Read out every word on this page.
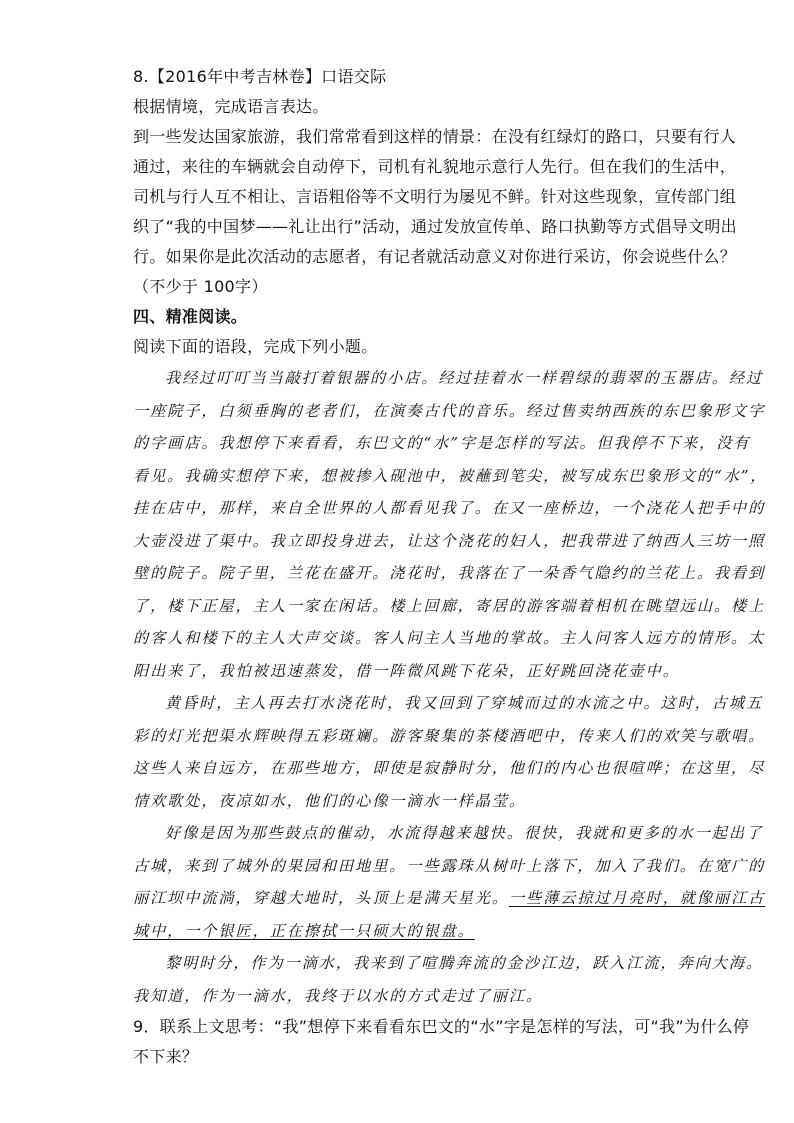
8.【2016年中考吉林卷】口语交际
根据情境，完成语言表达。
到一些发达国家旅游，我们常常看到这样的情景：在没有红绿灯的路口，只要有行人
通过，来往的车辆就会自动停下，司机有礼貌地示意行人先行。但在我们的生活中，
司机与行人互不相让、言语粗俗等不文明行为屡见不鲜。针对这些现象，宣传部门组
织了“我的中国梦——礼让出行”活动，通过发放宣传单、路口执勤等方式倡导文明出
行。如果你是此次活动的志愿者，有记者就活动意义对你进行采访，你会说些什么？
（不少于 100字）
四、精准阅读。
阅读下面的语段，完成下列小题。
我经过叮叮当当敲打着银器的小店。经过挂着水一样碧绿的翡翠的玉器店。经过
一座院子，白须垂胸的老者们，在演奏古代的音乐。经过售卖纳西族的东巴象形文字
的字画店。我想停下来看看，东巴文的“水”字是怎样的写法。但我停不下来，没有
看见。我确实想停下来，想被掺入砚池中，被蘸到笔尖，被写成东巴象形文的“水”，
挂在店中，那样，来自全世界的人都看见我了。在又一座桥边，一个浇花人把手中的
大壶没进了渠中。我立即投身进去，让这个浇花的妇人，把我带进了纳西人三坊一照
壁的院子。院子里，兰花在盛开。浇花时，我落在了一朵香气隐约的兰花上。我看到
了，楼下正屋，主人一家在闲话。楼上回廊，寄居的游客端着相机在眺望远山。楼上
的客人和楼下的主人大声交谈。客人问主人当地的掌故。主人问客人远方的情形。太
阳出来了，我怕被迅速蒸发，借一阵微风跳下花朵，正好跳回浇花壶中。
黄昏时，主人再去打水浇花时，我又回到了穿城而过的水流之中。这时，古城五
彩的灯光把渠水辉映得五彩斑斓。游客聚集的茶楼酒吧中，传来人们的欢笑与歌唱。
这些人来自远方，在那些地方，即使是寂静时分，他们的内心也很喧哗；在这里，尽
情欢歌处，夜凉如水，他们的心像一滴水一样晶莹。
好像是因为那些鼓点的催动，水流得越来越快。很快，我就和更多的水一起出了
古城，来到了城外的果园和田地里。一些露珠从树叶上落下，加入了我们。在宽广的
丽江坝中流淌，穿越大地时，头顶上是满天星光。一些薄云掠过月亮时，就像丽江古
城中，一个银匠，正在擦拭一只硕大的银盘。
黎明时分，作为一滴水，我来到了喧腾奔流的金沙江边，跃入江流，奔向大海。
我知道，作为一滴水，我终于以水的方式走过了丽江。
9．联系上文思考：“我”想停下来看看东巴文的“水”字是怎样的写法，可“我”为什么停
不下来？
